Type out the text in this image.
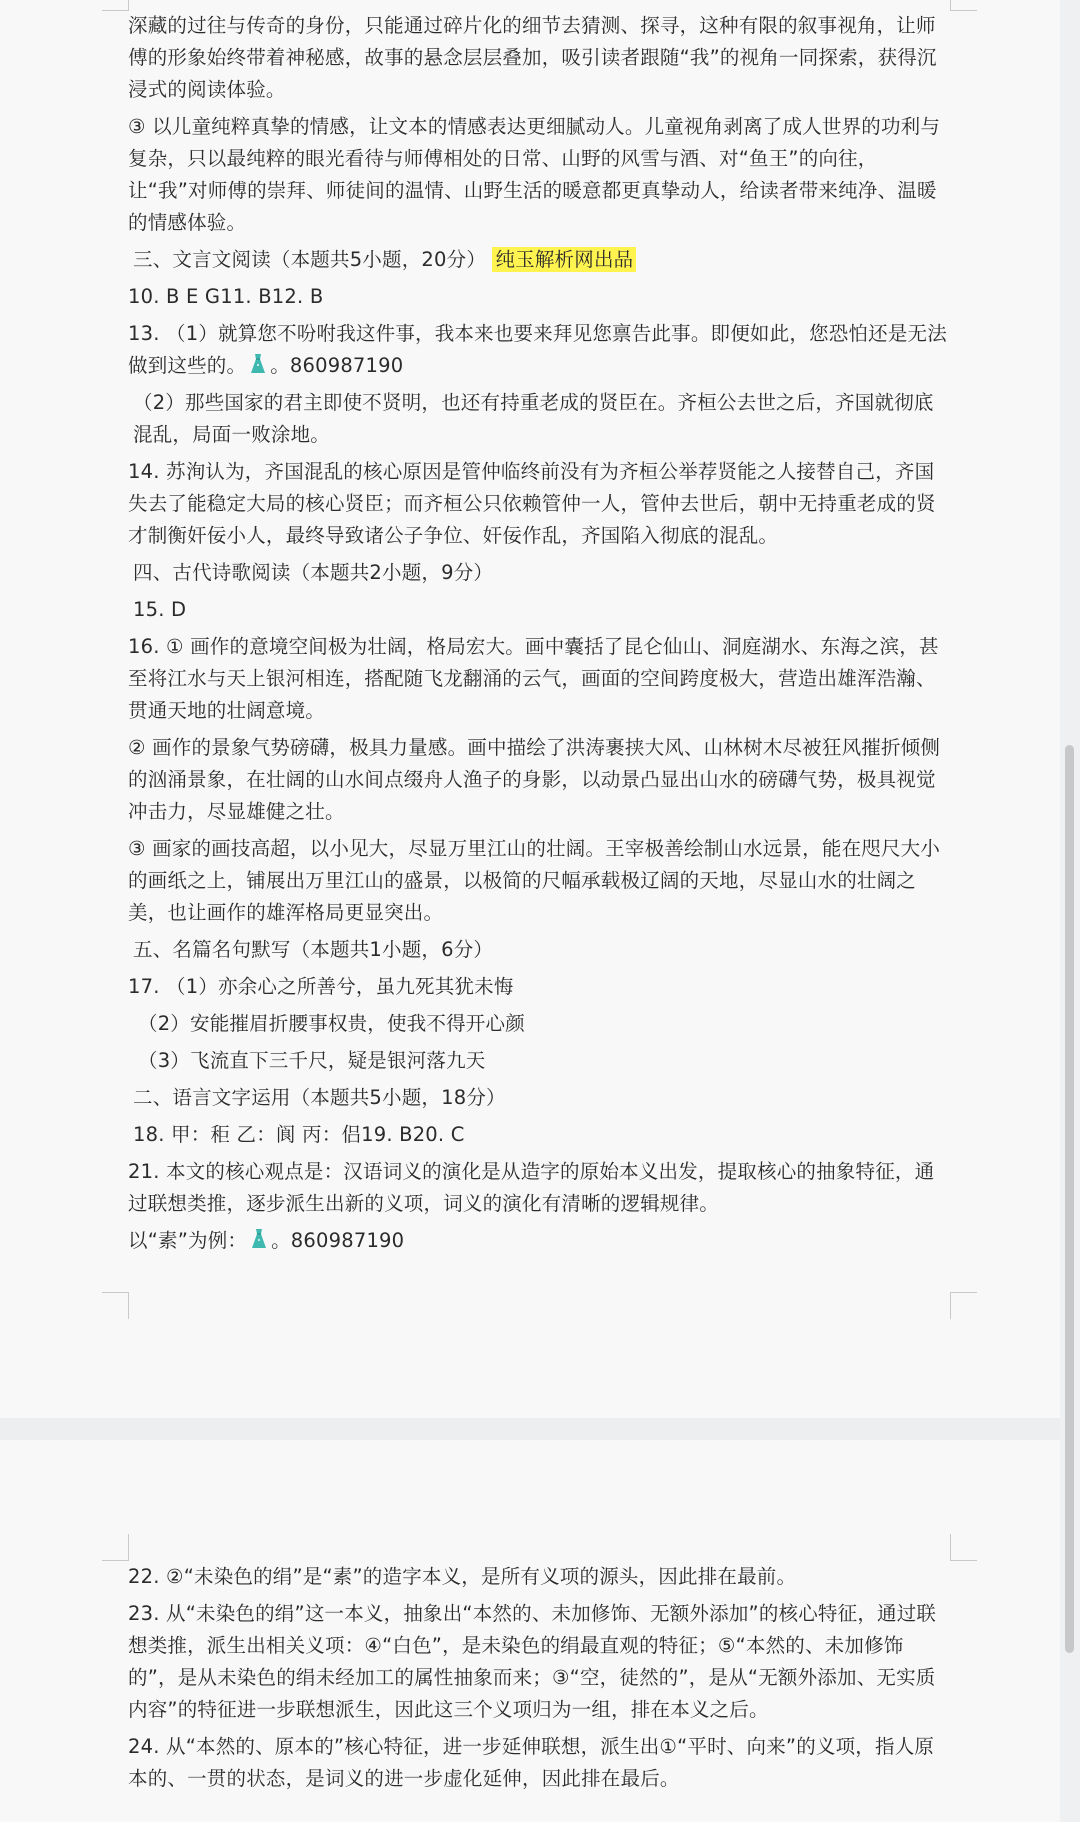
深藏的过往与传奇的身份，只能通过碎片化的细节去猜测、探寻，这种有限的叙事视角，让师傅的形象始终带着神秘感，故事的悬念层层叠加，吸引读者跟随“我”的视角一同探索，获得沉浸式的阅读体验。

③ 以儿童纯粹真挚的情感，让文本的情感表达更细腻动人。儿童视角剥离了成人世界的功利与复杂，只以最纯粹的眼光看待与师傅相处的日常、山野的风雪与酒、对“鱼王”的向往，让“我”对师傅的崇拜、师徒间的温情、山野生活的暖意都更真挚动人，给读者带来纯净、温暖的情感体验。

三、文言文阅读（本题共5小题，20分） 纯玉解析网出品

10. B E G11. B12. B

13. （1）就算您不吩咐我这件事，我本来也要来拜见您禀告此事。即便如此，您恐怕还是无法做到这些的。 。860987190

（2）那些国家的君主即使不贤明，也还有持重老成的贤臣在。齐桓公去世之后，齐国就彻底混乱，局面一败涂地。

14. 苏洵认为，齐国混乱的核心原因是管仲临终前没有为齐桓公举荐贤能之人接替自己，齐国失去了能稳定大局的核心贤臣；而齐桓公只依赖管仲一人，管仲去世后，朝中无持重老成的贤才制衡奸佞小人，最终导致诸公子争位、奸佞作乱，齐国陷入彻底的混乱。

四、古代诗歌阅读（本题共2小题，9分）

15. D

16. ① 画作的意境空间极为壮阔，格局宏大。画中囊括了昆仑仙山、洞庭湖水、东海之滨，甚至将江水与天上银河相连，搭配随飞龙翻涌的云气，画面的空间跨度极大，营造出雄浑浩瀚、贯通天地的壮阔意境。

② 画作的景象气势磅礴，极具力量感。画中描绘了洪涛裹挟大风、山林树木尽被狂风摧折倾侧的汹涌景象，在壮阔的山水间点缀舟人渔子的身影，以动景凸显出山水的磅礴气势，极具视觉冲击力，尽显雄健之壮。

③ 画家的画技高超，以小见大，尽显万里江山的壮阔。王宰极善绘制山水远景，能在咫尺大小的画纸之上，铺展出万里江山的盛景，以极简的尺幅承载极辽阔的天地，尽显山水的壮阔之美，也让画作的雄浑格局更显突出。

五、名篇名句默写（本题共1小题，6分）

17. （1）亦余心之所善兮，虽九死其犹未悔

（2）安能摧眉折腰事权贵，使我不得开心颜

（3）飞流直下三千尺，疑是银河落九天

二、语言文字运用（本题共5小题，18分）

18. 甲：秬 乙：阆 丙：侣19. B20. C

21. 本文的核心观点是：汉语词义的演化是从造字的原始本义出发，提取核心的抽象特征，通过联想类推，逐步派生出新的义项，词义的演化有清晰的逻辑规律。

以“素”为例： 。860987190

22. ②“未染色的绢”是“素”的造字本义，是所有义项的源头，因此排在最前。

23. 从“未染色的绢”这一本义，抽象出“本然的、未加修饰、无额外添加”的核心特征，通过联想类推，派生出相关义项：④“白色”，是未染色的绢最直观的特征；⑤“本然的、未加修饰的”，是从未染色的绢未经加工的属性抽象而来；③“空，徒然的”，是从“无额外添加、无实质内容”的特征进一步联想派生，因此这三个义项归为一组，排在本义之后。

24. 从“本然的、原本的”核心特征，进一步延伸联想，派生出①“平时、向来”的义项，指人原本的、一贯的状态，是词义的进一步虚化延伸，因此排在最后。
